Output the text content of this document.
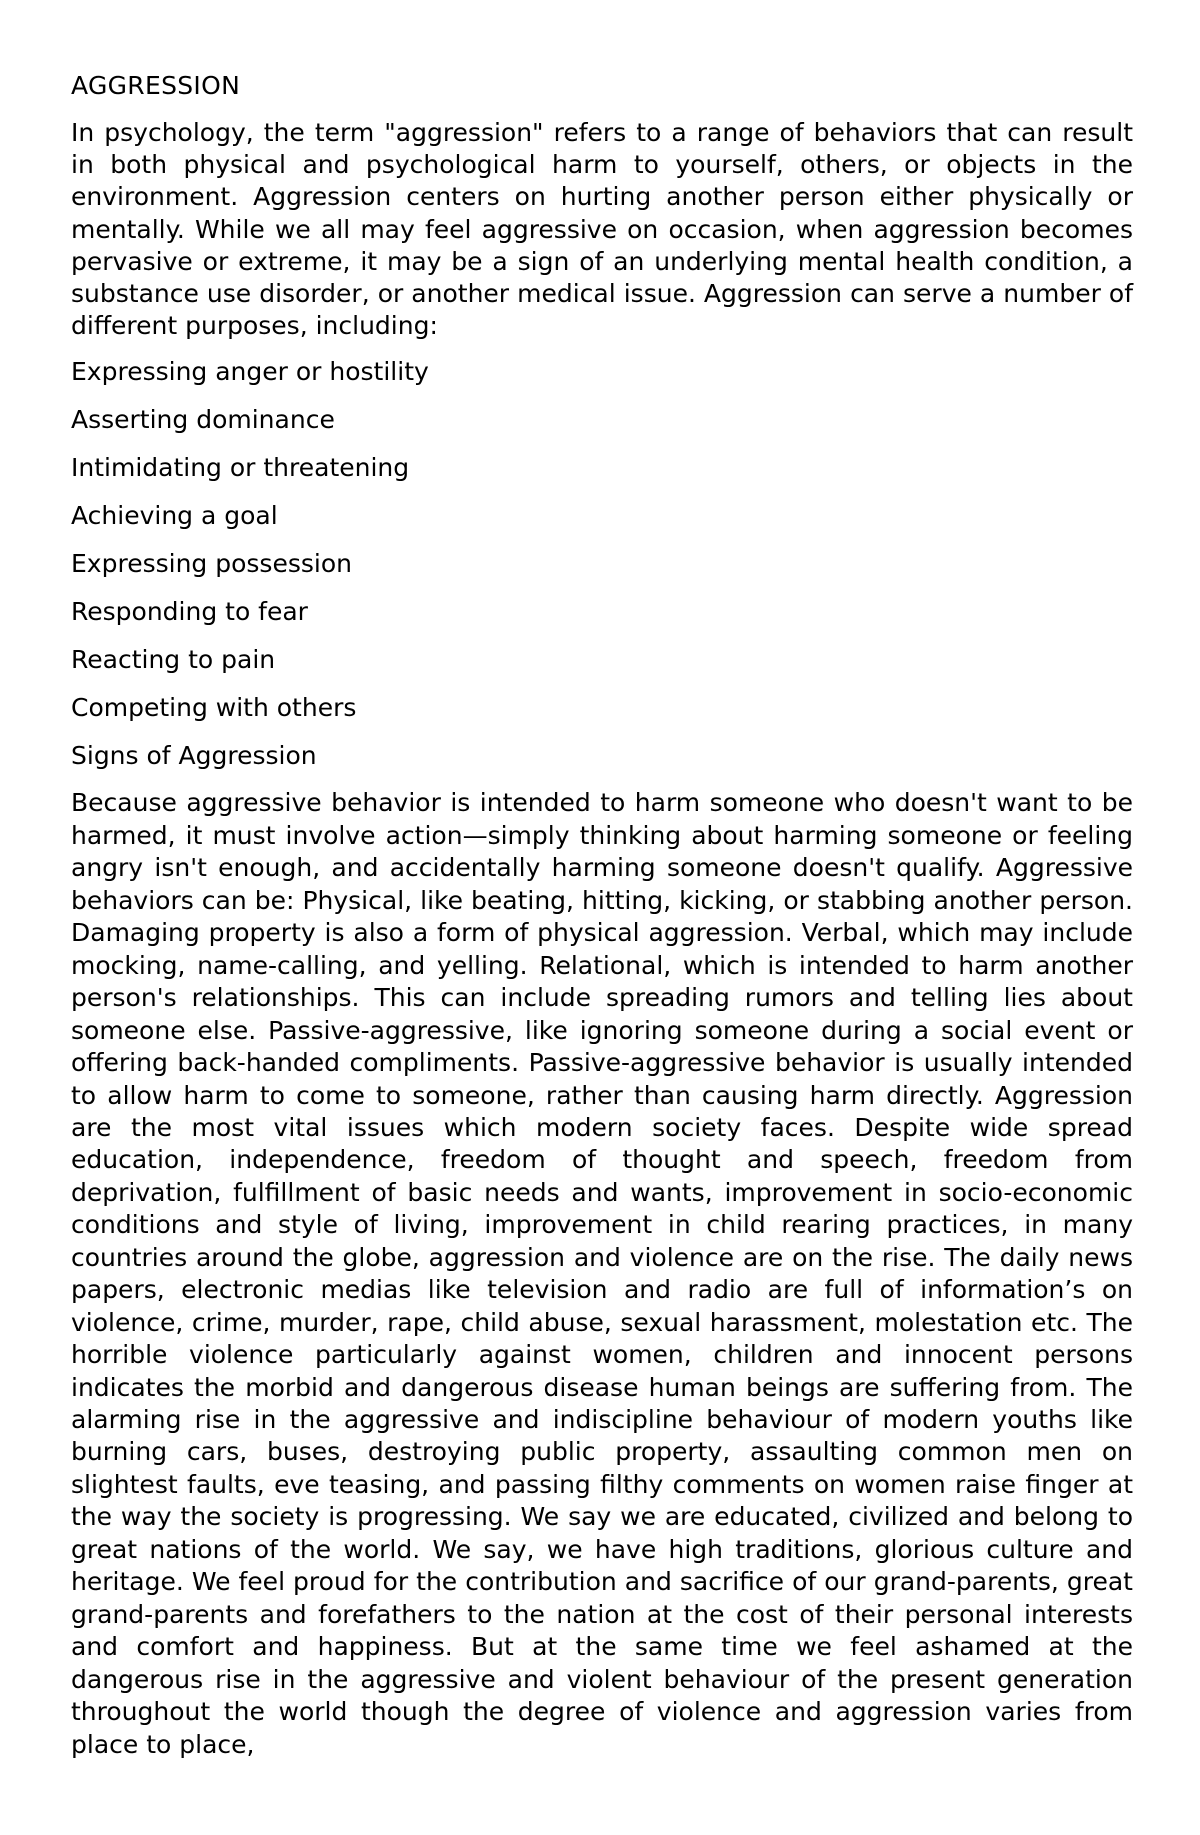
AGGRESSION

In psychology, the term "aggression" refers to a range of behaviors that can result in both physical and psychological harm to yourself, others, or objects in the environment. Aggression centers on hurting another person either physically or mentally. While we all may feel aggressive on occasion, when aggression becomes pervasive or extreme, it may be a sign of an underlying mental health condition, a substance use disorder, or another medical issue. Aggression can serve a number of different purposes, including:

Expressing anger or hostility
Asserting dominance
Intimidating or threatening
Achieving a goal
Expressing possession
Responding to fear
Reacting to pain
Competing with others
Signs of Aggression

Because aggressive behavior is intended to harm someone who doesn't want to be harmed, it must involve action—simply thinking about harming someone or feeling angry isn't enough, and accidentally harming someone doesn't qualify. Aggressive behaviors can be: Physical, like beating, hitting, kicking, or stabbing another person. Damaging property is also a form of physical aggression. Verbal, which may include mocking, name-calling, and yelling. Relational, which is intended to harm another person's relationships. This can include spreading rumors and telling lies about someone else. Passive-aggressive, like ignoring someone during a social event or offering back-handed compliments. Passive-aggressive behavior is usually intended to allow harm to come to someone, rather than causing harm directly. Aggression are the most vital issues which modern society faces. Despite wide spread education, independence, freedom of thought and speech, freedom from deprivation, fulfillment of basic needs and wants, improvement in socio-economic conditions and style of living, improvement in child rearing practices, in many countries around the globe, aggression and violence are on the rise. The daily news papers, electronic medias like television and radio are full of information’s on violence, crime, murder, rape, child abuse, sexual harassment, molestation etc. The horrible violence particularly against women, children and innocent persons indicates the morbid and dangerous disease human beings are suffering from. The alarming rise in the aggressive and indiscipline behaviour of modern youths like burning cars, buses, destroying public property, assaulting common men on slightest faults, eve teasing, and passing filthy comments on women raise finger at the way the society is progressing. We say we are educated, civilized and belong to great nations of the world. We say, we have high traditions, glorious culture and heritage. We feel proud for the contribution and sacrifice of our grand-parents, great grand-parents and forefathers to the nation at the cost of their personal interests and comfort and happiness. But at the same time we feel ashamed at the dangerous rise in the aggressive and violent behaviour of the present generation throughout the world though the degree of violence and aggression varies from place to place,
